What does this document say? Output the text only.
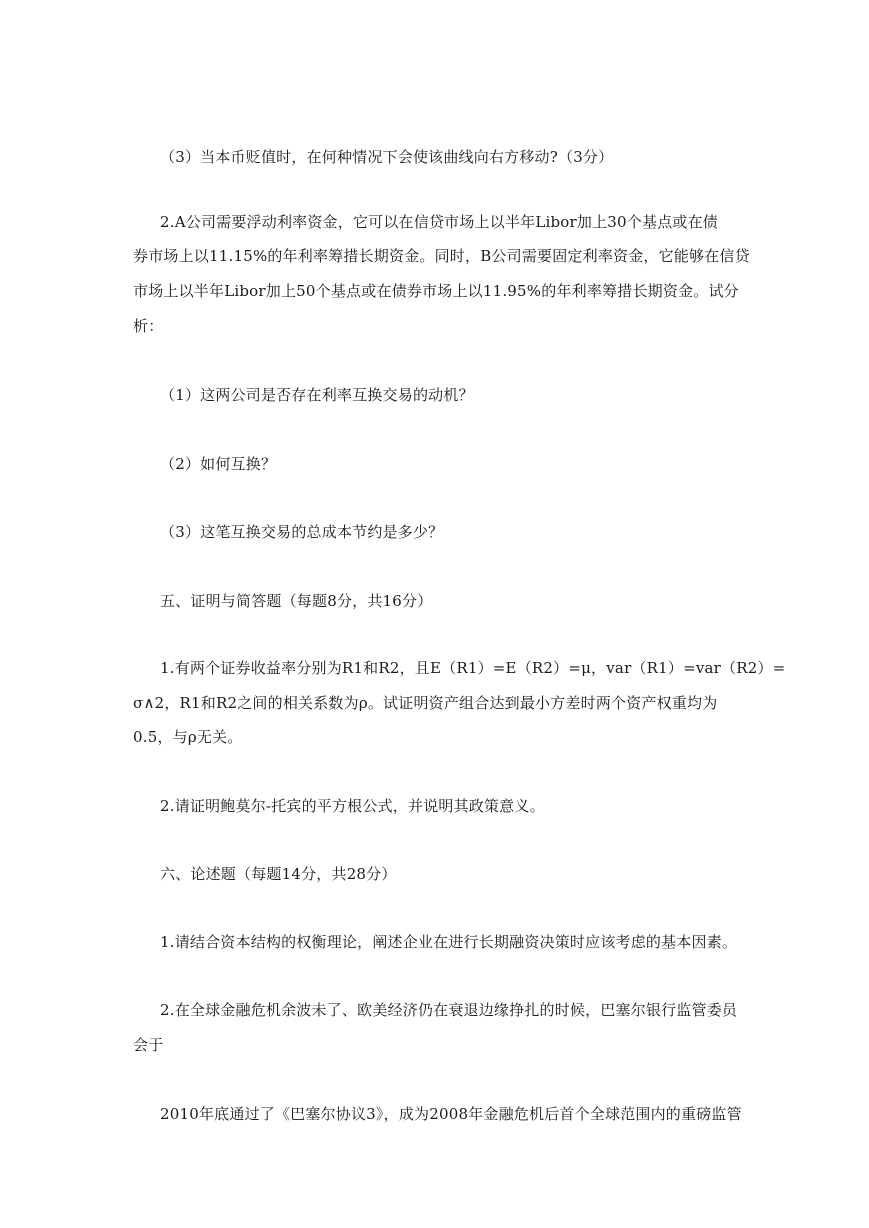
（3）当本币贬值时，在何种情况下会使该曲线向右方移动?（3分）
2.A公司需要浮动利率资金，它可以在信贷市场上以半年Libor加上30个基点或在债
券市场上以11.15%的年利率筹措长期资金。同时，B公司需要固定利率资金，它能够在信贷
市场上以半年Libor加上50个基点或在债券市场上以11.95%的年利率筹措长期资金。试分
析：
（1）这两公司是否存在利率互换交易的动机？
（2）如何互换？
（3）这笔互换交易的总成本节约是多少？
五、证明与简答题（每题8分，共16分）
1.有两个证券收益率分别为R1和R2，且E（R1）=E（R2）=μ，var（R1）=var（R2）=
σ∧2，R1和R2之间的相关系数为ρ。试证明资产组合达到最小方差时两个资产权重均为
0.5，与ρ无关。
2.请证明鲍莫尔-托宾的平方根公式，并说明其政策意义。
六、论述题（每题14分，共28分）
1.请结合资本结构的权衡理论，阐述企业在进行长期融资决策时应该考虑的基本因素。
2.在全球金融危机余波未了、欧美经济仍在衰退边缘挣扎的时候，巴塞尔银行监管委员
会于
2010年底通过了《巴塞尔协议3》，成为2008年金融危机后首个全球范围内的重磅监管
